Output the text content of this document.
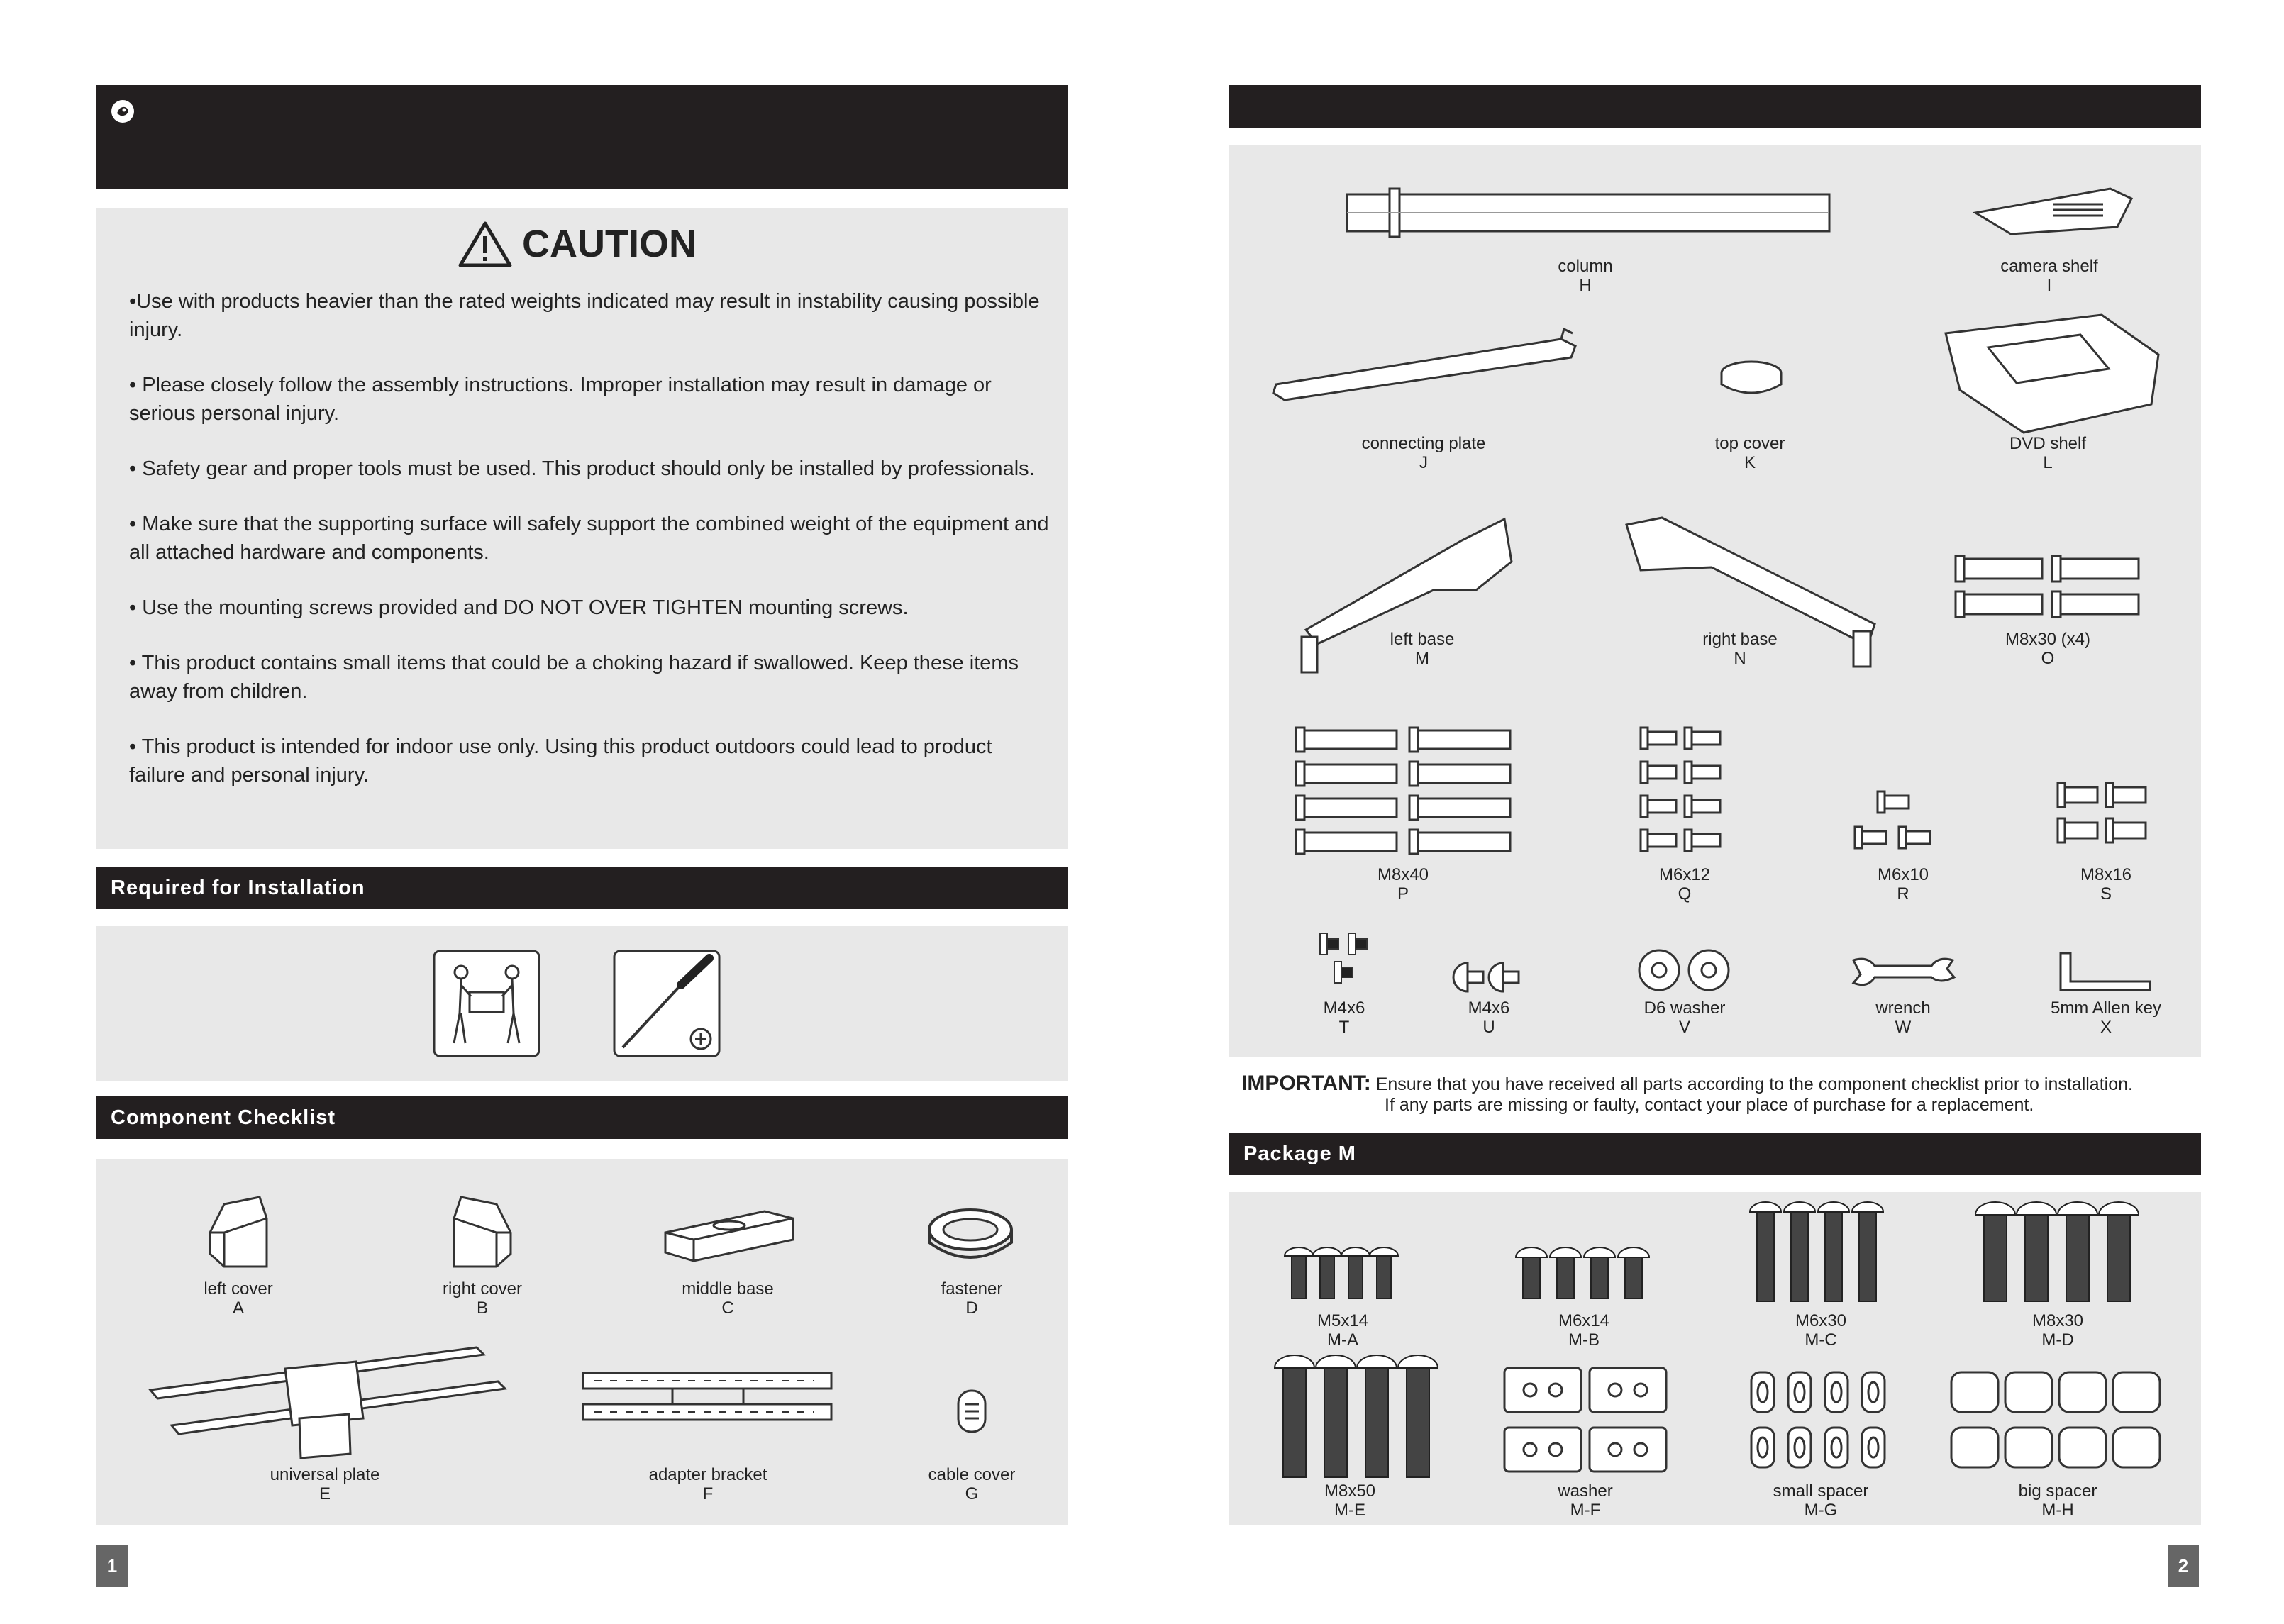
CAUTION

•Use with products heavier than the rated weights indicated may result in instability causing possible injury.

• Please closely follow the assembly instructions. Improper installation may result in damage or serious personal injury.

• Safety gear and proper tools must be used. This product should only be installed by professionals.

• Make sure that the supporting surface will safely support the combined weight of the equipment and all attached hardware and components.

• Use the mounting screws provided and DO NOT OVER TIGHTEN mounting screws.

• This product contains small items that could be a choking hazard if swallowed. Keep these items away from children.

• This product is intended for indoor use only. Using this product outdoors could lead to product failure and personal injury.

Required for Installation
Component Checklist
left cover
A
right cover
B
middle base
C
fastener
D
universal plate
E
adapter bracket
F
cable cover
G
1
column
H
camera shelf
I
connecting plate
J
top cover
K
DVD shelf
L
left base
M
right base
N
M8x30 (x4)
O
M8x40
P
M6x12
Q
M6x10
R
M8x16
S
M4x6
T
M4x6
U
D6 washer
V
wrench
W
5mm Allen key
X
IMPORTANT: Ensure that you have received all parts according to the component checklist prior to installation.
If any parts are missing or faulty, contact your place of purchase for a replacement.
Package M
M5x14
M-A
M6x14
M-B
M6x30
M-C
M8x30
M-D
M8x50
M-E
washer
M-F
small spacer
M-G
big spacer
M-H
2
